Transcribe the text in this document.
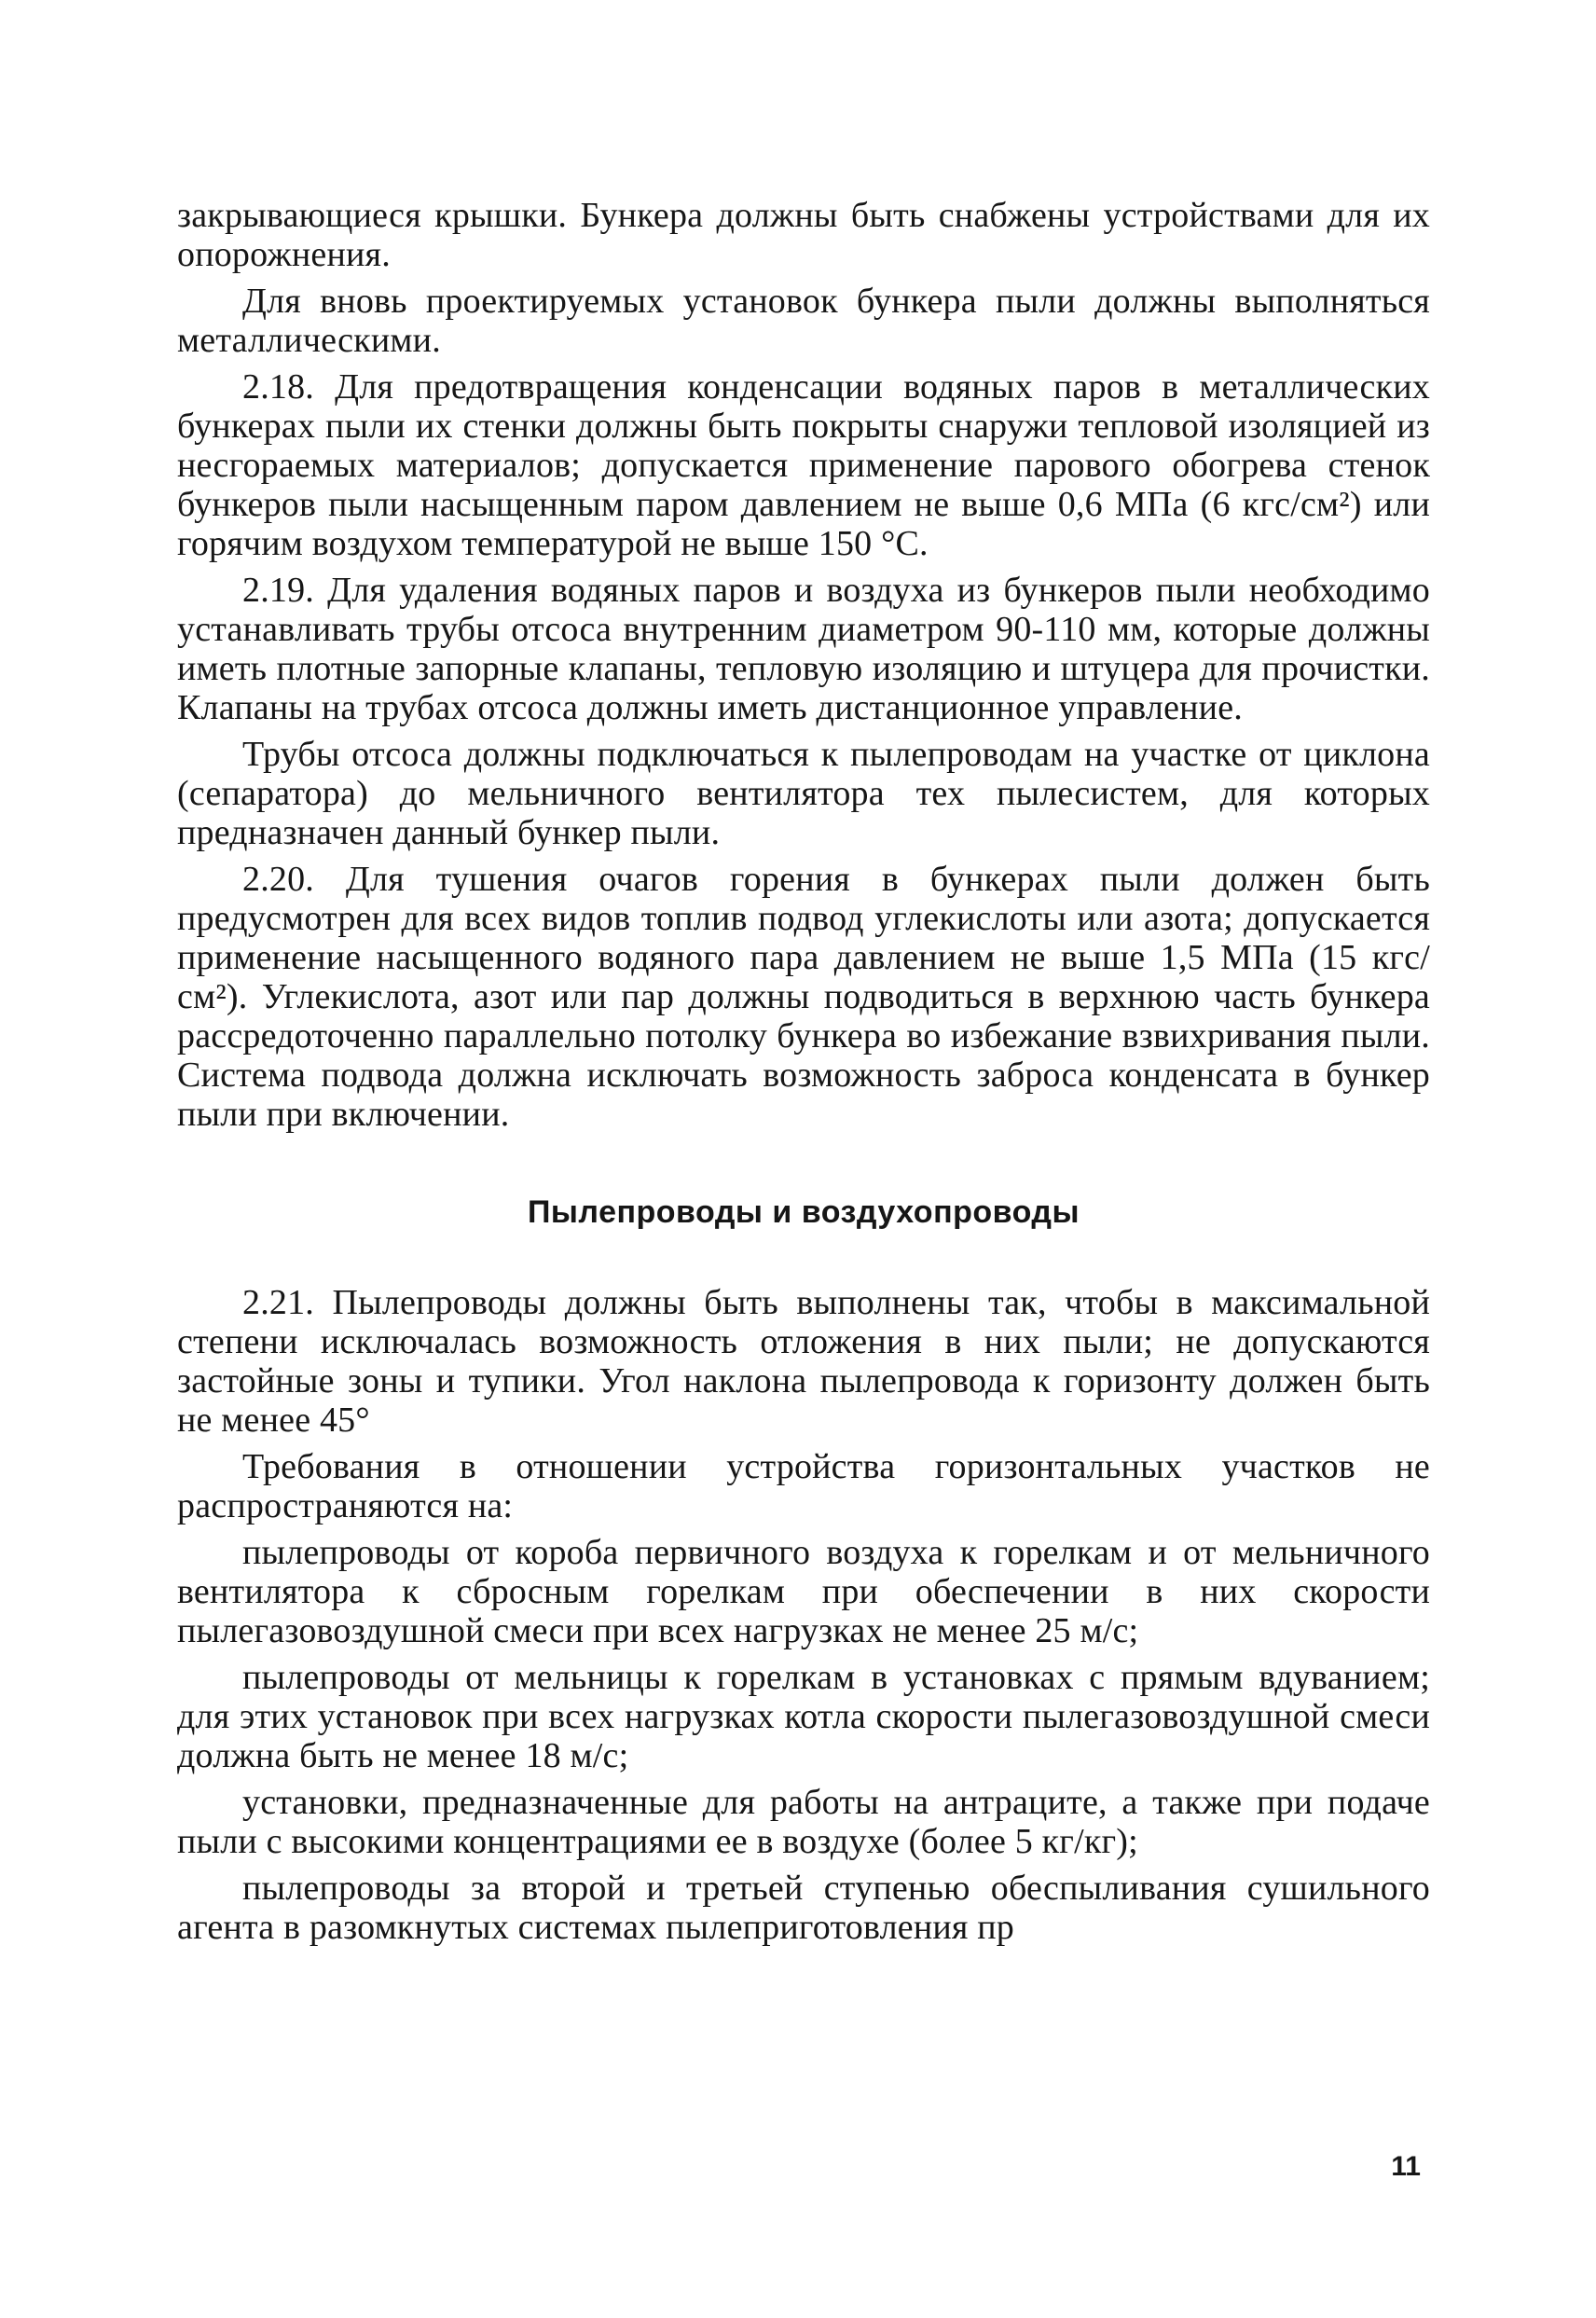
закрывающиеся крышки. Бункера должны быть снабжены устройствами для их опорожнения.

Для вновь проектируемых установок бункера пыли должны выполняться металлическими.

2.18. Для предотвращения конденсации водяных паров в металлических бункерах пыли их стенки должны быть покрыты снаружи тепловой изоляцией из несгораемых материалов; допускается применение парового обогрева стенок бункеров пыли насыщенным паром давлением не выше 0,6 МПа (6 кгс/см²) или горячим воздухом температурой не выше 150 °С.

2.19. Для удаления водяных паров и воздуха из бункеров пыли необходимо устанавливать трубы отсоса внутренним диаметром 90-110 мм, которые должны иметь плотные запорные клапаны, тепловую изоляцию и штуцера для прочистки. Клапаны на трубах отсоса должны иметь дистанционное управление.

Трубы отсоса должны подключаться к пылепроводам на участке от циклона (сепаратора) до мельничного вентилятора тех пылесистем, для которых предназначен данный бункер пыли.

2.20. Для тушения очагов горения в бункерах пыли должен быть предусмотрен для всех видов топлив подвод углекислоты или азота; допускается применение насыщенного водяного пара давлением не выше 1,5 МПа (15 кгс/см²). Углекислота, азот или пар должны подводиться в верхнюю часть бункера рассредоточенно параллельно потолку бункера во избежание взвихривания пыли. Система подвода должна исключать возможность заброса конденсата в бункер пыли при включении.

Пылепроводы и воздухопроводы

2.21. Пылепроводы должны быть выполнены так, чтобы в максимальной степени исключалась возможность отложения в них пыли; не допускаются застойные зоны и тупики. Угол наклона пылепровода к горизонту должен быть не менее 45°

Требования в отношении устройства горизонтальных участков не распространяются на:

пылепроводы от короба первичного воздуха к горелкам и от мельничного вентилятора к сбросным горелкам при обеспечении в них скорости пылегазовоздушной смеси при всех нагрузках не менее 25 м/с;

пылепроводы от мельницы к горелкам в установках с прямым вдуванием; для этих установок при всех нагрузках котла скорости пылегазовоздушной смеси должна быть не менее 18 м/с;

установки, предназначенные для работы на антраците, а также при подаче пыли с высокими концентрациями ее в воздухе (более 5 кг/кг);

пылепроводы за второй и третьей ступенью обеспыливания сушильного агента в разомкнутых системах пылеприготовления пр

11
